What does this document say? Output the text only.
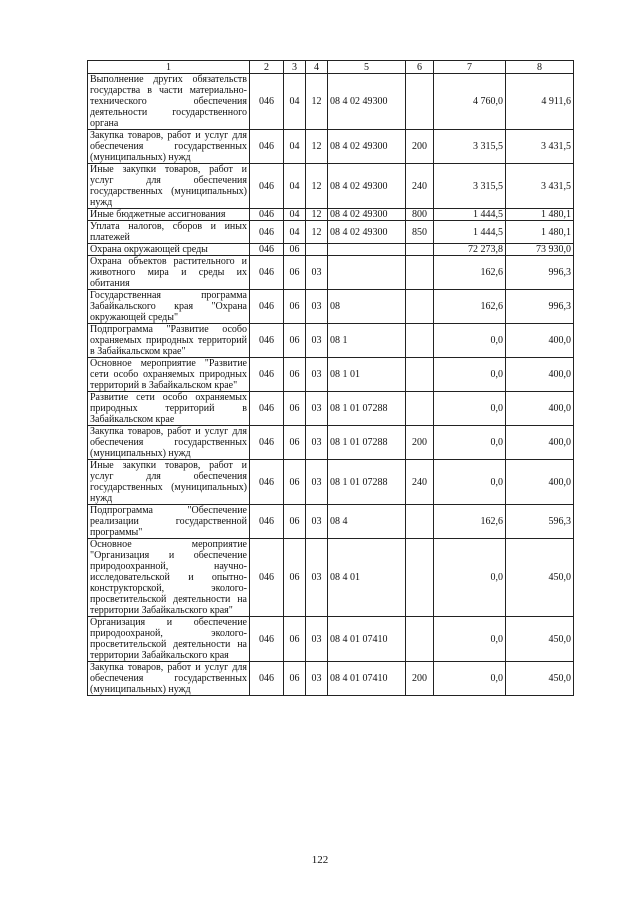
1	2	3	4	5	6	7	8
Выполнение других обязательств государства в части материально-технического обеспечения деятельности государственного органа	046	04	12	08 4 02 49300		4 760,0	4 911,6
Закупка товаров, работ и услуг для обеспечения государственных (муниципальных) нужд	046	04	12	08 4 02 49300	200	3 315,5	3 431,5
Иные закупки товаров, работ и услуг для обеспечения государственных (муниципальных) нужд	046	04	12	08 4 02 49300	240	3 315,5	3 431,5
Иные бюджетные ассигнования	046	04	12	08 4 02 49300	800	1 444,5	1 480,1
Уплата налогов, сборов и иных платежей	046	04	12	08 4 02 49300	850	1 444,5	1 480,1
Охрана окружающей среды	046	06				72 273,8	73 930,0
Охрана объектов растительного и животного мира и среды их обитания	046	06	03			162,6	996,3
Государственная программа Забайкальского края "Охрана окружающей среды"	046	06	03	08		162,6	996,3
Подпрограмма "Развитие особо охраняемых природных территорий в Забайкальском крае"	046	06	03	08 1		0,0	400,0
Основное мероприятие "Развитие сети особо охраняемых природных территорий в Забайкальском крае"	046	06	03	08 1 01		0,0	400,0
Развитие сети особо охраняемых природных территорий в Забайкальском крае	046	06	03	08 1 01 07288		0,0	400,0
Закупка товаров, работ и услуг для обеспечения государственных (муниципальных) нужд	046	06	03	08 1 01 07288	200	0,0	400,0
Иные закупки товаров, работ и услуг для обеспечения государственных (муниципальных) нужд	046	06	03	08 1 01 07288	240	0,0	400,0
Подпрограмма "Обеспечение реализации государственной программы"	046	06	03	08 4		162,6	596,3
Основное мероприятие "Организация и обеспечение природоохранной, научно-исследовательской и опытно-конструкторской, эколого-просветительской деятельности на территории Забайкальского края"	046	06	03	08 4 01		0,0	450,0
Организация и обеспечение природоохраной, эколого-просветительской деятельности на территории Забайкальского края	046	06	03	08 4 01 07410		0,0	450,0
Закупка товаров, работ и услуг для обеспечения государственных (муниципальных) нужд	046	06	03	08 4 01 07410	200	0,0	450,0
122
